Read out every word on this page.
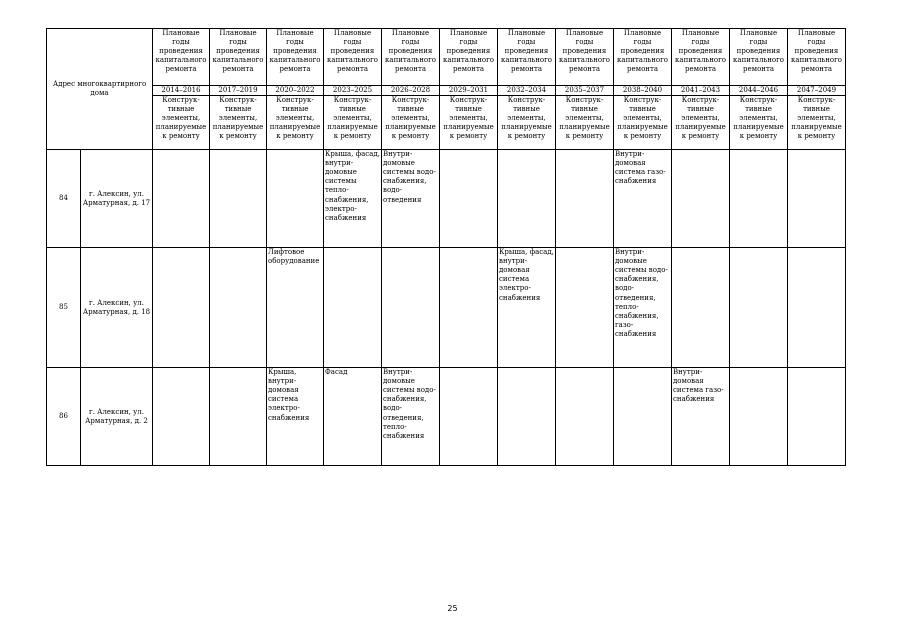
Адрес многоквартирного дома		Плановые годы проведения капитального ремонта	Плановые годы проведения капитального ремонта	Плановые годы проведения капитального ремонта	Плановые годы проведения капитального ремонта	Плановые годы проведения капитального ремонта	Плановые годы проведения капитального ремонта	Плановые годы проведения капитального ремонта	Плановые годы проведения капитального ремонта	Плановые годы проведения капитального ремонта	Плановые годы проведения капитального ремонта	Плановые годы проведения капитального ремонта	Плановые годы проведения капитального ремонта
		2014–2016	2017–2019	2020–2022	2023–2025	2026–2028	2029–2031	2032–2034	2035–2037	2038–2040	2041–2043	2044–2046	2047–2049
		Конструк-тивные элементы, планируемые к ремонту	Конструк-тивные элементы, планируемые к ремонту	Конструк-тивные элементы, планируемые к ремонту	Конструк-тивные элементы, планируемые к ремонту	Конструк-тивные элементы, планируемые к ремонту	Конструк-тивные элементы, планируемые к ремонту	Конструк-тивные элементы, планируемые к ремонту	Конструк-тивные элементы, планируемые к ремонту	Конструк-тивные элементы, планируемые к ремонту	Конструк-тивные элементы, планируемые к ремонту	Конструк-тивные элементы, планируемые к ремонту	Конструк-тивные элементы, планируемые к ремонту
84	г. Алексин, ул. Арматурная, д. 17				Крыша, фасад, внутри-домовые системы тепло-снабжения, электро-снабжения	Внутри-домовые системы водо-снабжения, водо-отведения				Внутри-домовая система газо-снабжения			
85	г. Алексин, ул. Арматурная, д. 18			Лифтовое оборудование				Крыша, фасад, внутри-домовая система электро-снабжения		Внутри-домовые системы водо-снабжения, водо-отведения, тепло-снабжения, газо-снабжения			
86	г. Алексин, ул. Арматурная, д. 2			Крыша, внутри-домовая система электро-снабжения	Фасад	Внутри-домовые системы водо-снабжения, водо-отведения, тепло-снабжения					Внутри-домовая система газо-снабжения		
25
